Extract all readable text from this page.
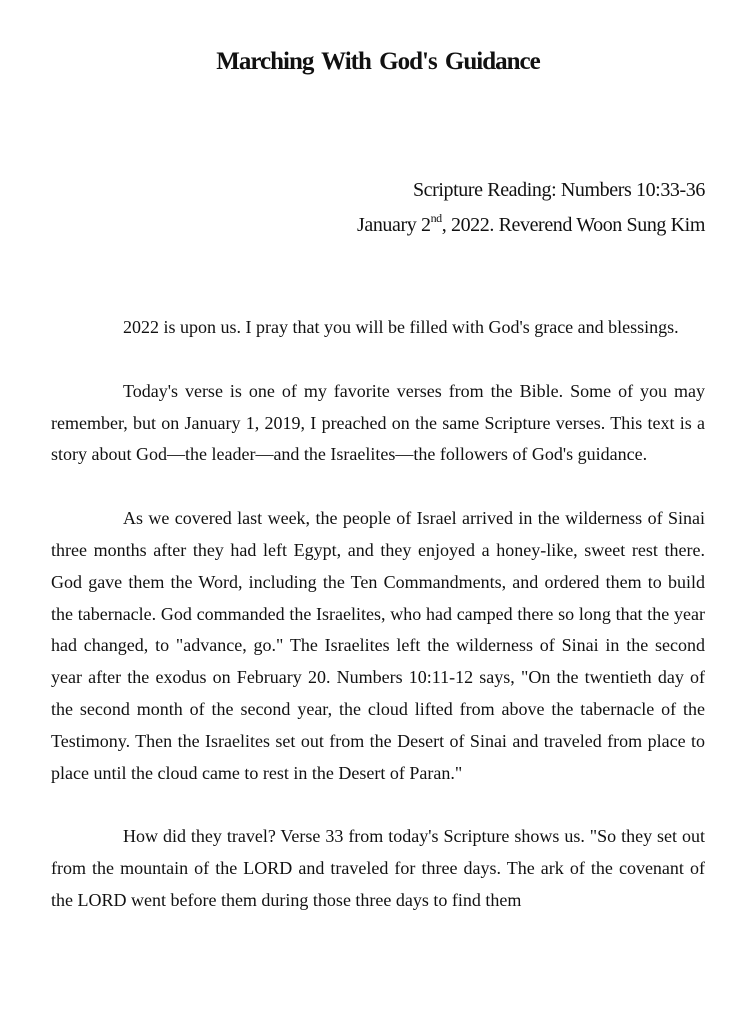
Marching With God's Guidance
Scripture Reading: Numbers 10:33-36
January 2nd, 2022. Reverend Woon Sung Kim

2022 is upon us. I pray that you will be filled with God's grace and blessings.

Today's verse is one of my favorite verses from the Bible. Some of you may remember, but on January 1, 2019, I preached on the same Scripture verses. This text is a story about God—the leader—and the Israelites—the followers of God's guidance.

As we covered last week, the people of Israel arrived in the wilderness of Sinai three months after they had left Egypt, and they enjoyed a honey-like, sweet rest there. God gave them the Word, including the Ten Commandments, and ordered them to build the tabernacle. God commanded the Israelites, who had camped there so long that the year had changed, to "advance, go." The Israelites left the wilderness of Sinai in the second year after the exodus on February 20. Numbers 10:11-12 says, "On the twentieth day of the second month of the second year, the cloud lifted from above the tabernacle of the Testimony. Then the Israelites set out from the Desert of Sinai and traveled from place to place until the cloud came to rest in the Desert of Paran."

How did they travel? Verse 33 from today's Scripture shows us. "So they set out from the mountain of the LORD and traveled for three days. The ark of the covenant of the LORD went before them during those three days to find them
